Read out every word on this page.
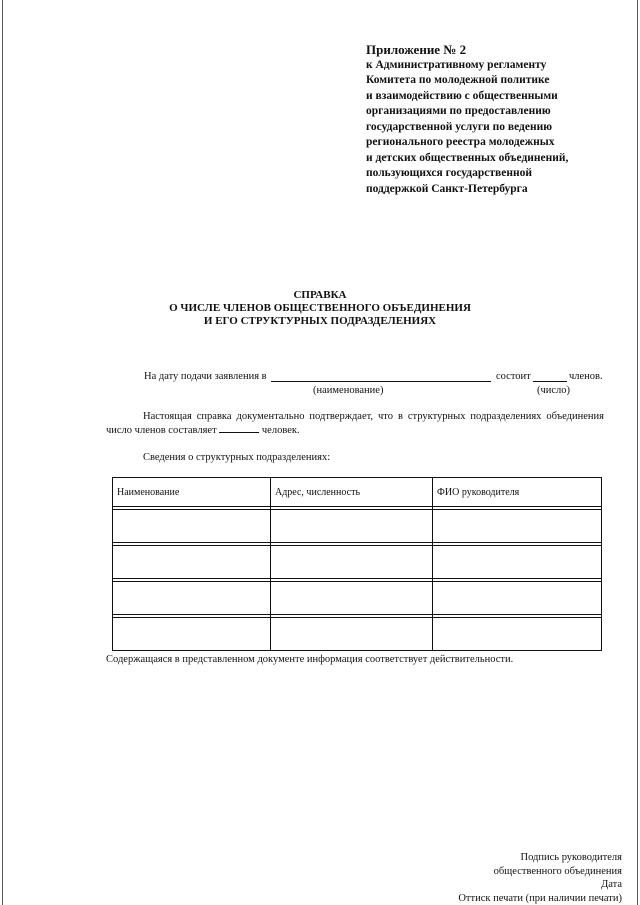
Приложение № 2
к Административному регламенту
Комитета по молодежной политике
и взаимодействию с общественными
организациями по предоставлению
государственной услуги по ведению
регионального реестра молодежных
и детских общественных объединений,
пользующихся государственной
поддержкой Санкт-Петербурга
СПРАВКА
О ЧИСЛЕ ЧЛЕНОВ ОБЩЕСТВЕННОГО ОБЪЕДИНЕНИЯ
И ЕГО СТРУКТУРНЫХ ПОДРАЗДЕЛЕНИЯХ
На дату подачи заявления в	состоит	членов.
(наименование)	(число)
Настоящая справка документально подтверждает, что в структурных подразделениях объединения число членов составляет	человек.
Сведения о структурных подразделениях:
Наименование	Адрес, численность	ФИО руководителя

Содержащаяся в представленном документе информация соответствует действительности.
Подпись руководителя
общественного объединения
Дата
Оттиск печати (при наличии печати)
